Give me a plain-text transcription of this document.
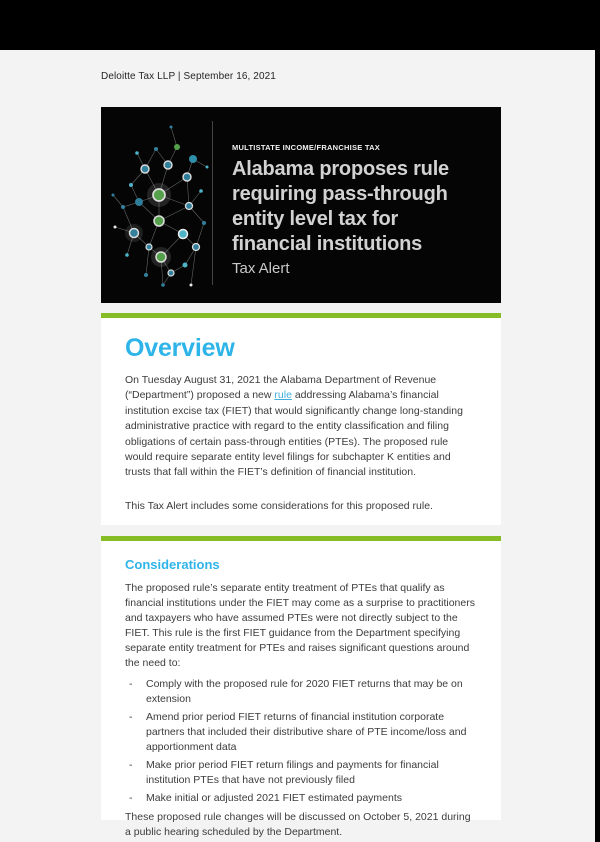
Deloitte Tax LLP | September 16, 2021
MULTISTATE INCOME/FRANCHISE TAX
Alabama proposes rule requiring pass-through entity level tax for financial institutions
Tax Alert
Overview

On Tuesday August 31, 2021 the Alabama Department of Revenue (“Department”) proposed a new rule addressing Alabama’s financial institution excise tax (FIET) that would significantly change long-standing administrative practice with regard to the entity classification and filing obligations of certain pass-through entities (PTEs). The proposed rule would require separate entity level filings for subchapter K entities and trusts that fall within the FIET’s definition of financial institution.

This Tax Alert includes some considerations for this proposed rule.

Considerations

The proposed rule’s separate entity treatment of PTEs that qualify as financial institutions under the FIET may come as a surprise to practitioners and taxpayers who have assumed PTEs were not directly subject to the FIET. This rule is the first FIET guidance from the Department specifying separate entity treatment for PTEs and raises significant questions around the need to:

- Comply with the proposed rule for 2020 FIET returns that may be on extension
- Amend prior period FIET returns of financial institution corporate partners that included their distributive share of PTE income/loss and apportionment data
- Make prior period FIET return filings and payments for financial institution PTEs that have not previously filed
- Make initial or adjusted 2021 FIET estimated payments

These proposed rule changes will be discussed on October 5, 2021 during a public hearing scheduled by the Department.
